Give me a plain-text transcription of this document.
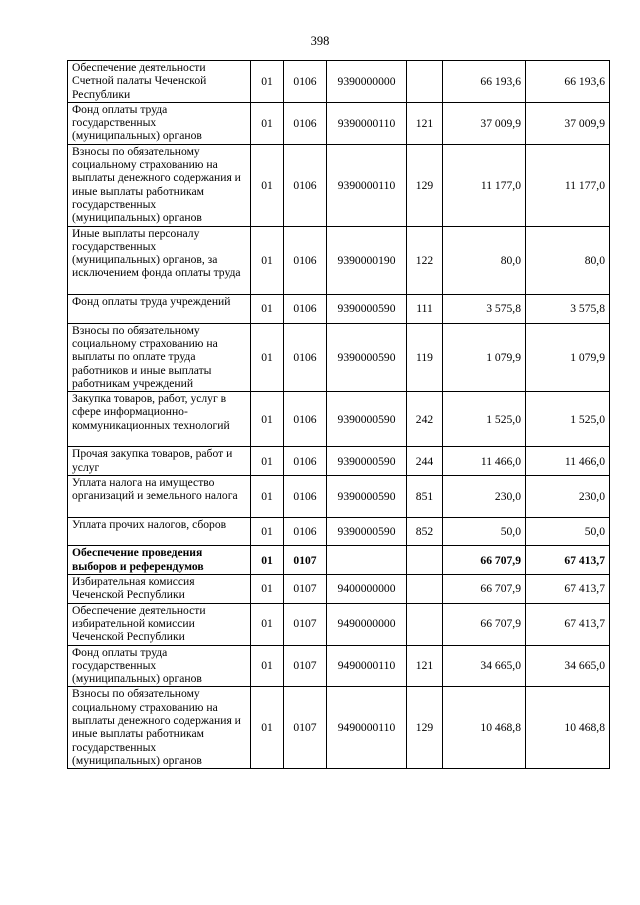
398
Обеспечение деятельности Счетной палаты Чеченской Республики	01	0106	9390000000		66 193,6	66 193,6
Фонд оплаты труда государственных (муниципальных) органов	01	0106	9390000110	121	37 009,9	37 009,9
Взносы по обязательному социальному страхованию на выплаты денежного содержания и иные выплаты работникам государственных (муниципальных) органов	01	0106	9390000110	129	11 177,0	11 177,0
Иные выплаты персоналу государственных (муниципальных) органов, за исключением фонда оплаты труда	01	0106	9390000190	122	80,0	80,0
Фонд оплаты труда учреждений	01	0106	9390000590	111	3 575,8	3 575,8
Взносы по обязательному социальному страхованию на выплаты по оплате труда работников и иные выплаты работникам учреждений	01	0106	9390000590	119	1 079,9	1 079,9
Закупка товаров, работ, услуг в сфере информационно-коммуникационных технологий	01	0106	9390000590	242	1 525,0	1 525,0
Прочая закупка товаров, работ и услуг	01	0106	9390000590	244	11 466,0	11 466,0
Уплата налога на имущество организаций и земельного налога	01	0106	9390000590	851	230,0	230,0
Уплата прочих налогов, сборов	01	0106	9390000590	852	50,0	50,0
Обеспечение проведения выборов и референдумов	01	0107			66 707,9	67 413,7
Избирательная комиссия Чеченской Республики	01	0107	9400000000		66 707,9	67 413,7
Обеспечение деятельности избирательной комиссии Чеченской Республики	01	0107	9490000000		66 707,9	67 413,7
Фонд оплаты труда государственных (муниципальных) органов	01	0107	9490000110	121	34 665,0	34 665,0
Взносы по обязательному социальному страхованию на выплаты денежного содержания и иные выплаты работникам государственных (муниципальных) органов	01	0107	9490000110	129	10 468,8	10 468,8
